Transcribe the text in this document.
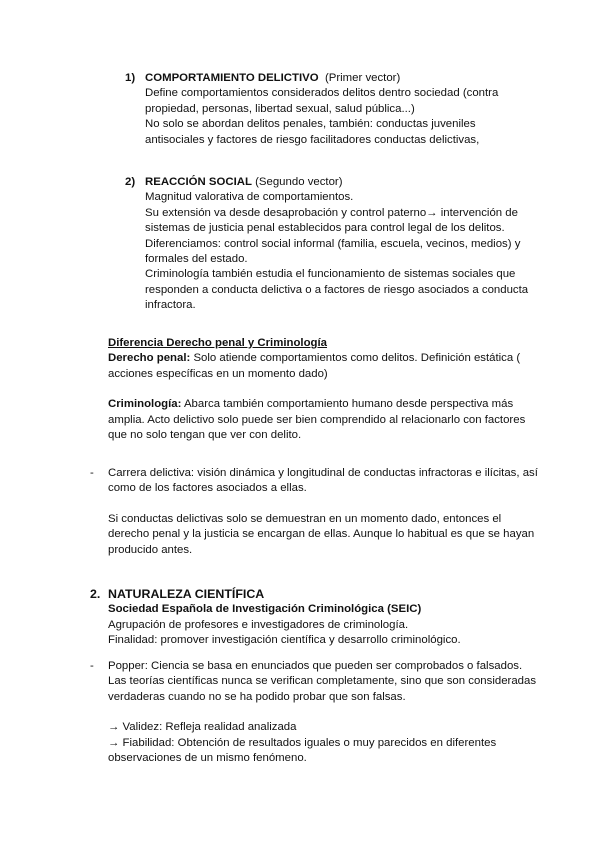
1) COMPORTAMIENTO DELICTIVO (Primer vector)

Define comportamientos considerados delitos dentro sociedad (contra

propiedad, personas, libertad sexual, salud pública...)

No solo se abordan delitos penales, también: conductas juveniles

antisociales y factores de riesgo facilitadores conductas delictivas,

2) REACCIÓN SOCIAL (Segundo vector)

Magnitud valorativa de comportamientos.

Su extensión va desde desaprobación y control paterno→ intervención de

sistemas de justicia penal establecidos para control legal de los delitos.

Diferenciamos: control social informal (familia, escuela, vecinos, medios) y

formales del estado.

Criminología también estudia el funcionamiento de sistemas sociales que

responden a conducta delictiva o a factores de riesgo asociados a conducta

infractora.

Diferencia Derecho penal y Criminología

Derecho penal: Solo atiende comportamientos como delitos. Definición estática (

acciones específicas en un momento dado)

Criminología: Abarca también comportamiento humano desde perspectiva más

amplia. Acto delictivo solo puede ser bien comprendido al relacionarlo con factores

que no solo tengan que ver con delito.

- Carrera delictiva: visión dinámica y longitudinal de conductas infractoras e ilícitas, así

como de los factores asociados a ellas.

Si conductas delictivas solo se demuestran en un momento dado, entonces el

derecho penal y la justicia se encargan de ellas. Aunque lo habitual es que se hayan

producido antes.

2. NATURALEZA CIENTÍFICA

Sociedad Española de Investigación Criminológica (SEIC)

Agrupación de profesores e investigadores de criminología.

Finalidad: promover investigación científica y desarrollo criminológico.

- Popper: Ciencia se basa en enunciados que pueden ser comprobados o falsados.

Las teorías científicas nunca se verifican completamente, sino que son consideradas

verdaderas cuando no se ha podido probar que son falsas.

→ Validez: Refleja realidad analizada

→ Fiabilidad: Obtención de resultados iguales o muy parecidos en diferentes

observaciones de un mismo fenómeno.
